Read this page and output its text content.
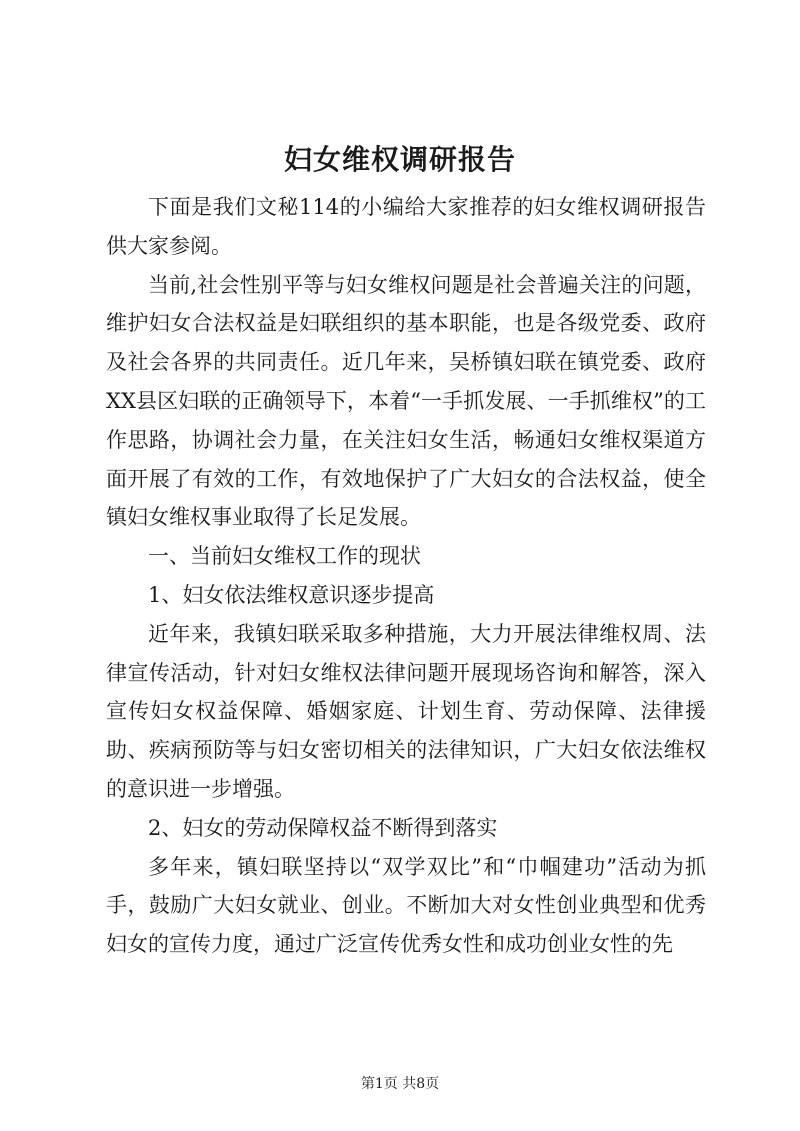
妇女维权调研报告

下面是我们文秘114的小编给大家推荐的妇女维权调研报告供大家参阅。

当前,社会性别平等与妇女维权问题是社会普遍关注的问题，维护妇女合法权益是妇联组织的基本职能，也是各级党委、政府及社会各界的共同责任。近几年来，吴桥镇妇联在镇党委、政府XX县区妇联的正确领导下，本着“一手抓发展、一手抓维权”的工作思路，协调社会力量，在关注妇女生活，畅通妇女维权渠道方面开展了有效的工作，有效地保护了广大妇女的合法权益，使全镇妇女维权事业取得了长足发展。

一、当前妇女维权工作的现状

1、妇女依法维权意识逐步提高

近年来，我镇妇联采取多种措施，大力开展法律维权周、法律宣传活动，针对妇女维权法律问题开展现场咨询和解答，深入宣传妇女权益保障、婚姻家庭、计划生育、劳动保障、法律援助、疾病预防等与妇女密切相关的法律知识，广大妇女依法维权的意识进一步增强。

2、妇女的劳动保障权益不断得到落实

多年来，镇妇联坚持以“双学双比”和“巾帼建功”活动为抓手，鼓励广大妇女就业、创业。不断加大对女性创业典型和优秀妇女的宣传力度，通过广泛宣传优秀女性和成功创业女性的先

第1页 共8页
